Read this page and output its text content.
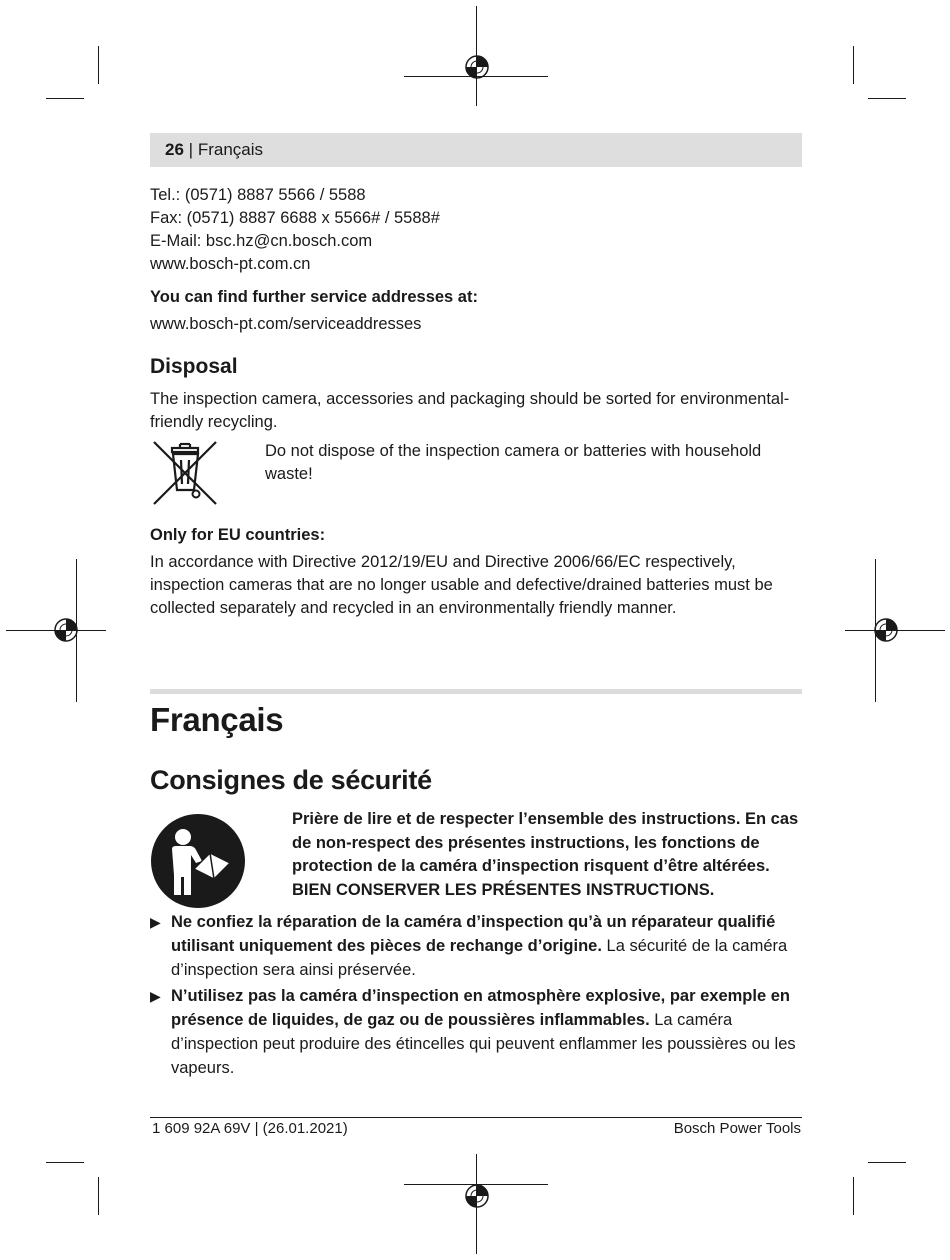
26 | Français
Tel.: (0571) 8887 5566 / 5588
Fax: (0571) 8887 6688 x 5566# / 5588#
E-Mail: bsc.hz@cn.bosch.com
www.bosch-pt.com.cn
You can find further service addresses at:
www.bosch-pt.com/serviceaddresses
Disposal
The inspection camera, accessories and packaging should be sorted for environmental-friendly recycling.
Do not dispose of the inspection camera or batteries with household waste!
Only for EU countries:
In accordance with Directive 2012/19/EU and Directive 2006/66/EC respectively, inspection cameras that are no longer usable and defective/drained batteries must be collected separately and recycled in an environmentally friendly manner.
Français
Consignes de sécurité
Prière de lire et de respecter l’ensemble des instructions. En cas de non-respect des présentes instructions, les fonctions de protection de la caméra d’inspection risquent d’être altérées. BIEN CONSERVER LES PRÉSENTES INSTRUCTIONS.
▶ Ne confiez la réparation de la caméra d’inspection qu’à un réparateur qualifié utilisant uniquement des pièces de rechange d’origine. La sécurité de la caméra d’inspection sera ainsi préservée.
▶ N’utilisez pas la caméra d’inspection en atmosphère explosive, par exemple en présence de liquides, de gaz ou de poussières inflammables. La caméra d’inspection peut produire des étincelles qui peuvent enflammer les poussières ou les vapeurs.
1 609 92A 69V | (26.01.2021)	Bosch Power Tools
